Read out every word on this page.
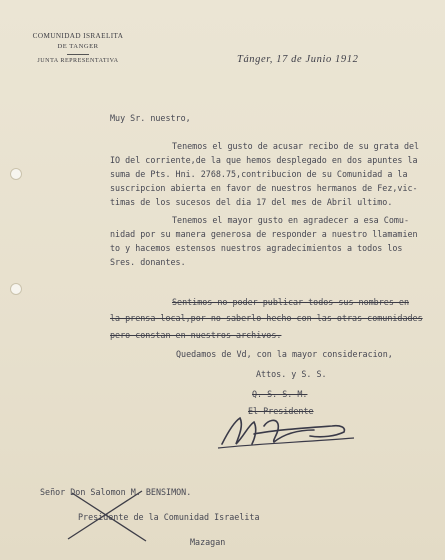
COMUNIDAD ISRAELITA
DE TANGER
JUNTA REPRESENTATIVA	Tánger, 17 de Junio 1912
Muy Sr. nuestro,
Tenemos el gusto de acusar recibo de su grata del
IO del corriente,de la que hemos desplegado en dos apuntes la
suma de Pts. Hni. 2768.75,contribucion de su Comunidad a la
suscripcion abierta en favor de nuestros hermanos de Fez,vic-
timas de los sucesos del dia 17 del mes de Abril ultimo.
Tenemos el mayor gusto en agradecer a esa Comu-
nidad por su manera generosa de responder a nuestro llamamien
to y hacemos estensos nuestros agradecimientos a todos los
Sres. donantes.
Sentimos no poder publicar todos sus nombres en
la prensa local,por no saberlo hecho con las otras comunidades
pero constan en nuestros archivos.
Quedamos de Vd, con la mayor consideracion,
Attos. y S. S.
Q. S. S. M.
El Presidente
Señor Don Salomon M. BENSIMON.
Presidente de la Comunidad Israelita
Mazagan
